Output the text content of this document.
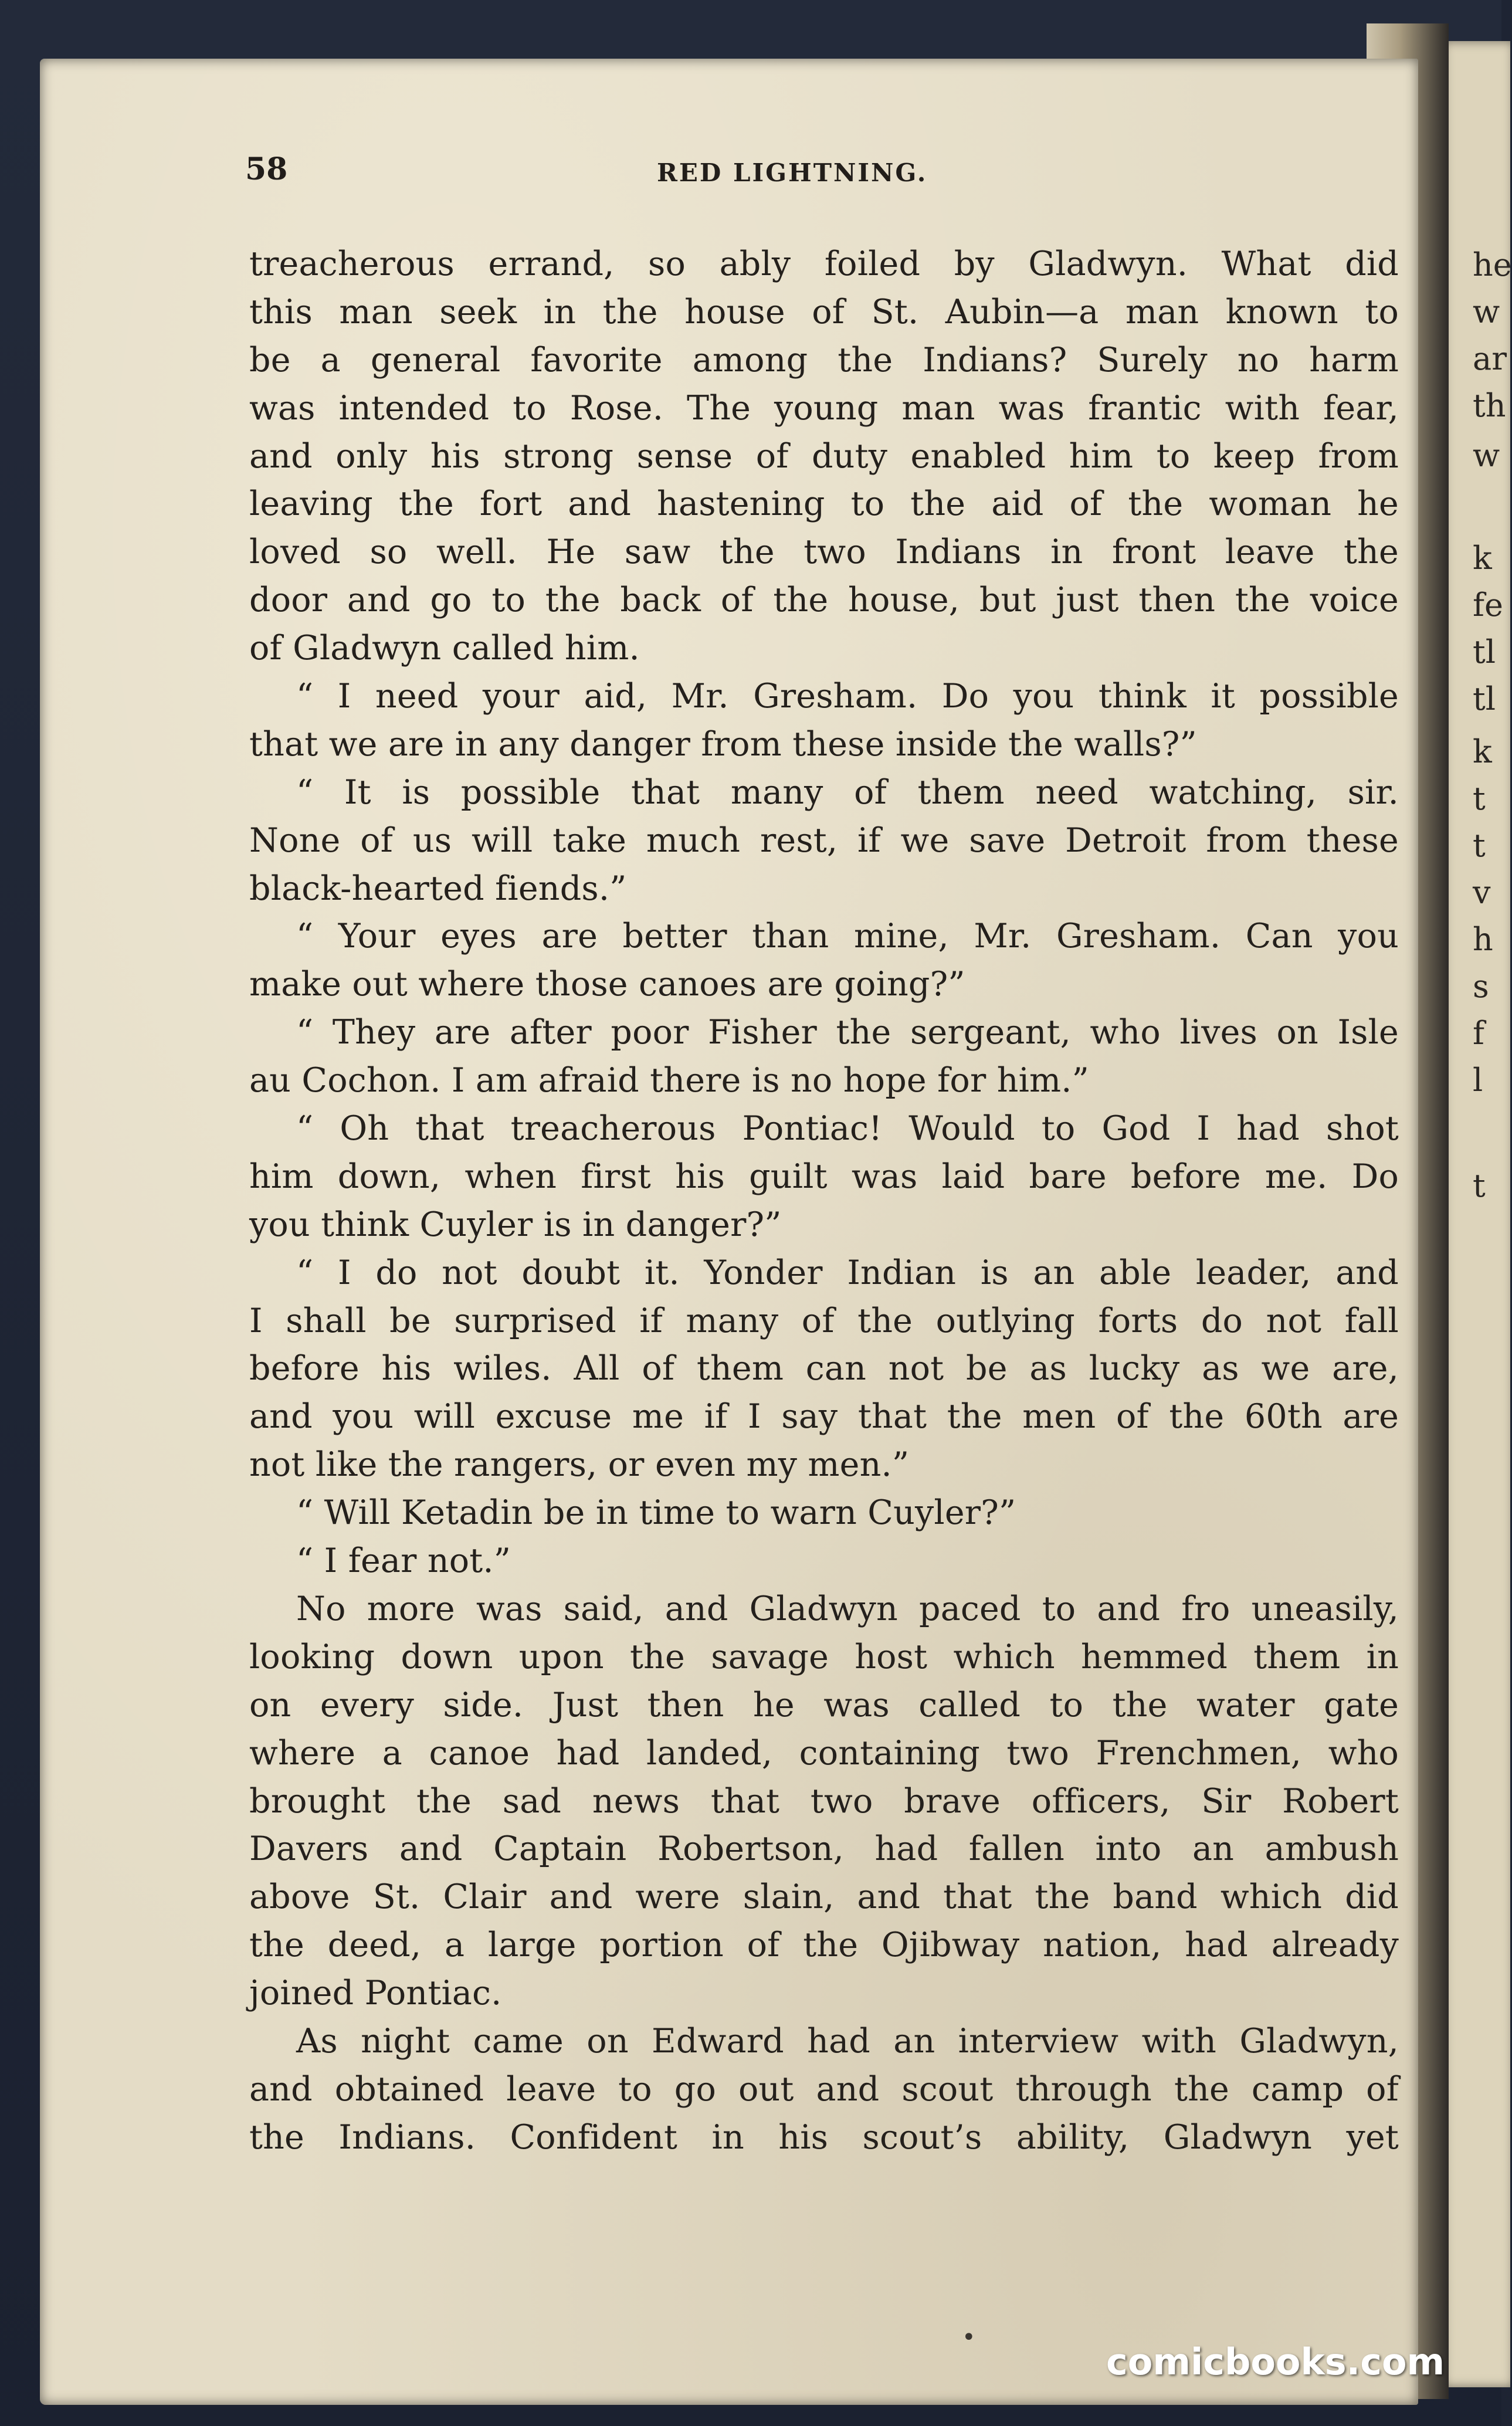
he
w
ar
th
w
k
fe
tl
tl
k
t
t
v
h
s
f
l
t
58	RED LIGHTNING.
treacherous errand, so ably foiled by Gladwyn. What did
this man seek in the house of St. Aubin—a man known to
be a general favorite among the Indians? Surely no harm
was intended to Rose. The young man was frantic with fear,
and only his strong sense of duty enabled him to keep from
leaving the fort and hastening to the aid of the woman he
loved so well. He saw the two Indians in front leave the
door and go to the back of the house, but just then the voice
of Gladwyn called him.
“ I need your aid, Mr. Gresham. Do you think it possible
that we are in any danger from these inside the walls?”
“ It is possible that many of them need watching, sir.
None of us will take much rest, if we save Detroit from these
black-hearted fiends.”
“ Your eyes are better than mine, Mr. Gresham. Can you
make out where those canoes are going?”
“ They are after poor Fisher the sergeant, who lives on Isle
au Cochon. I am afraid there is no hope for him.”
“ Oh that treacherous Pontiac! Would to God I had shot
him down, when first his guilt was laid bare before me. Do
you think Cuyler is in danger?”
“ I do not doubt it. Yonder Indian is an able leader, and
I shall be surprised if many of the outlying forts do not fall
before his wiles. All of them can not be as lucky as we are,
and you will excuse me if I say that the men of the 60th are
not like the rangers, or even my men.”
“ Will Ketadin be in time to warn Cuyler?”
“ I fear not.”
No more was said, and Gladwyn paced to and fro uneasily,
looking down upon the savage host which hemmed them in
on every side. Just then he was called to the water gate
where a canoe had landed, containing two Frenchmen, who
brought the sad news that two brave officers, Sir Robert
Davers and Captain Robertson, had fallen into an ambush
above St. Clair and were slain, and that the band which did
the deed, a large portion of the Ojibway nation, had already
joined Pontiac.
As night came on Edward had an interview with Gladwyn,
and obtained leave to go out and scout through the camp of
the Indians. Confident in his scout’s ability, Gladwyn yet
•
comicbooks.com
